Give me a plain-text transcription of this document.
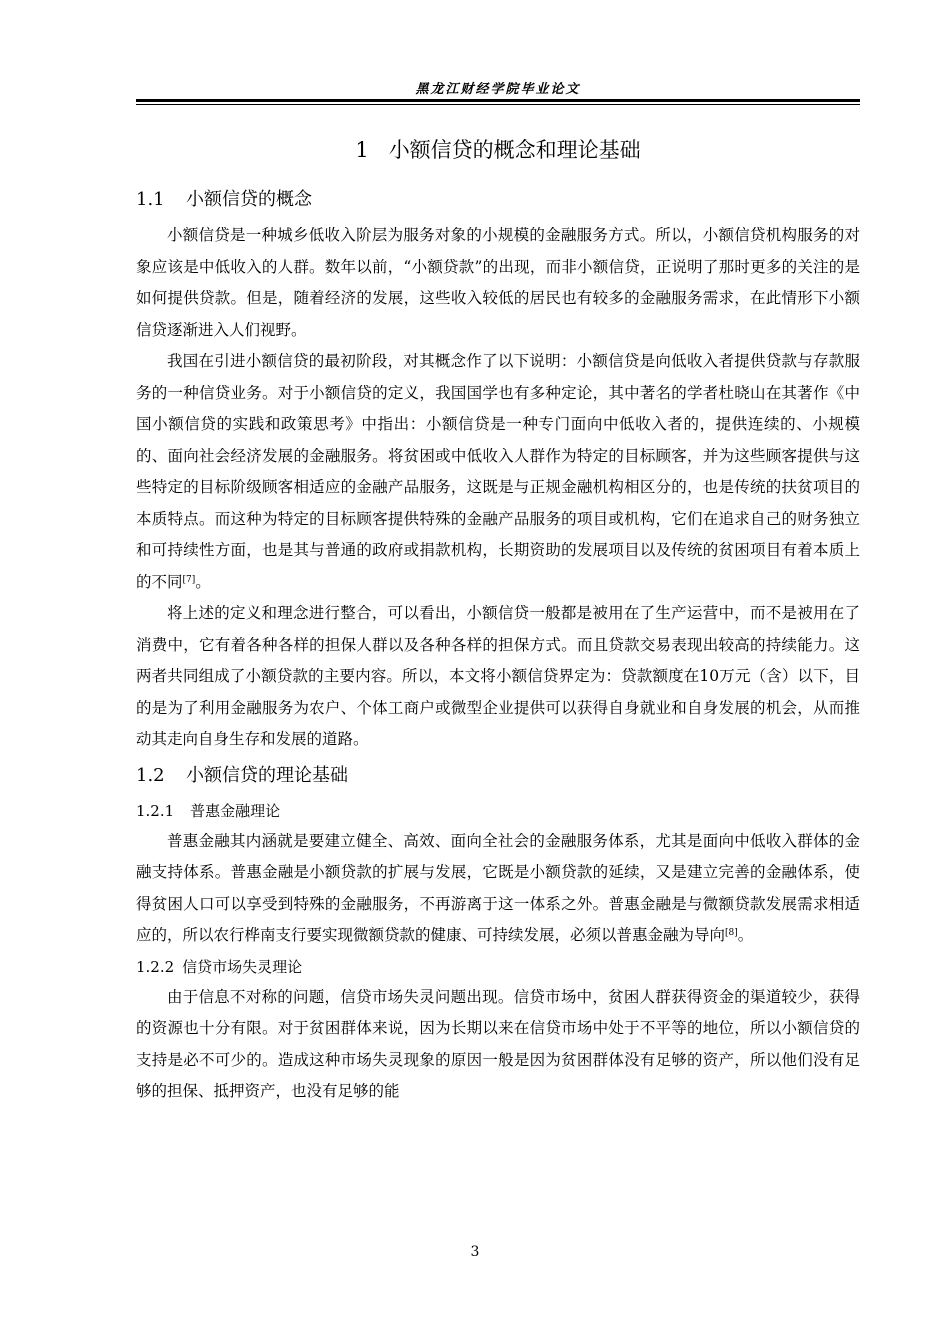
黑龙江财经学院毕业论文
1 小额信贷的概念和理论基础
1.1 小额信贷的概念

小额信贷是一种城乡低收入阶层为服务对象的小规模的金融服务方式。所以，小额信贷机构服务的对象应该是中低收入的人群。数年以前，“小额贷款”的出现，而非小额信贷，正说明了那时更多的关注的是如何提供贷款。但是，随着经济的发展，这些收入较低的居民也有较多的金融服务需求，在此情形下小额信贷逐渐进入人们视野。

我国在引进小额信贷的最初阶段，对其概念作了以下说明：小额信贷是向低收入者提供贷款与存款服务的一种信贷业务。对于小额信贷的定义，我国国学也有多种定论，其中著名的学者杜晓山在其著作《中国小额信贷的实践和政策思考》中指出：小额信贷是一种专门面向中低收入者的，提供连续的、小规模的、面向社会经济发展的金融服务。将贫困或中低收入人群作为特定的目标顾客，并为这些顾客提供与这些特定的目标阶级顾客相适应的金融产品服务，这既是与正规金融机构相区分的，也是传统的扶贫项目的本质特点。而这种为特定的目标顾客提供特殊的金融产品服务的项目或机构，它们在追求自己的财务独立和可持续性方面，也是其与普通的政府或捐款机构，长期资助的发展项目以及传统的贫困项目有着本质上的不同[7]。

将上述的定义和理念进行整合，可以看出，小额信贷一般都是被用在了生产运营中，而不是被用在了消费中，它有着各种各样的担保人群以及各种各样的担保方式。而且贷款交易表现出较高的持续能力。这两者共同组成了小额贷款的主要内容。所以，本文将小额信贷界定为：贷款额度在10万元（含）以下，目的是为了利用金融服务为农户、个体工商户或微型企业提供可以获得自身就业和自身发展的机会，从而推动其走向自身生存和发展的道路。

1.2 小额信贷的理论基础
1.2.1 普惠金融理论

普惠金融其内涵就是要建立健全、高效、面向全社会的金融服务体系，尤其是面向中低收入群体的金融支持体系。普惠金融是小额贷款的扩展与发展，它既是小额贷款的延续，又是建立完善的金融体系，使得贫困人口可以享受到特殊的金融服务，不再游离于这一体系之外。普惠金融是与微额贷款发展需求相适应的，所以农行桦南支行要实现微额贷款的健康、可持续发展，必须以普惠金融为导向[8]。

1.2.2 信贷市场失灵理论

由于信息不对称的问题，信贷市场失灵问题出现。信贷市场中，贫困人群获得资金的渠道较少，获得的资源也十分有限。对于贫困群体来说，因为长期以来在信贷市场中处于不平等的地位，所以小额信贷的支持是必不可少的。造成这种市场失灵现象的原因一般是因为贫困群体没有足够的资产，所以他们没有足够的担保、抵押资产，也没有足够的能

3
